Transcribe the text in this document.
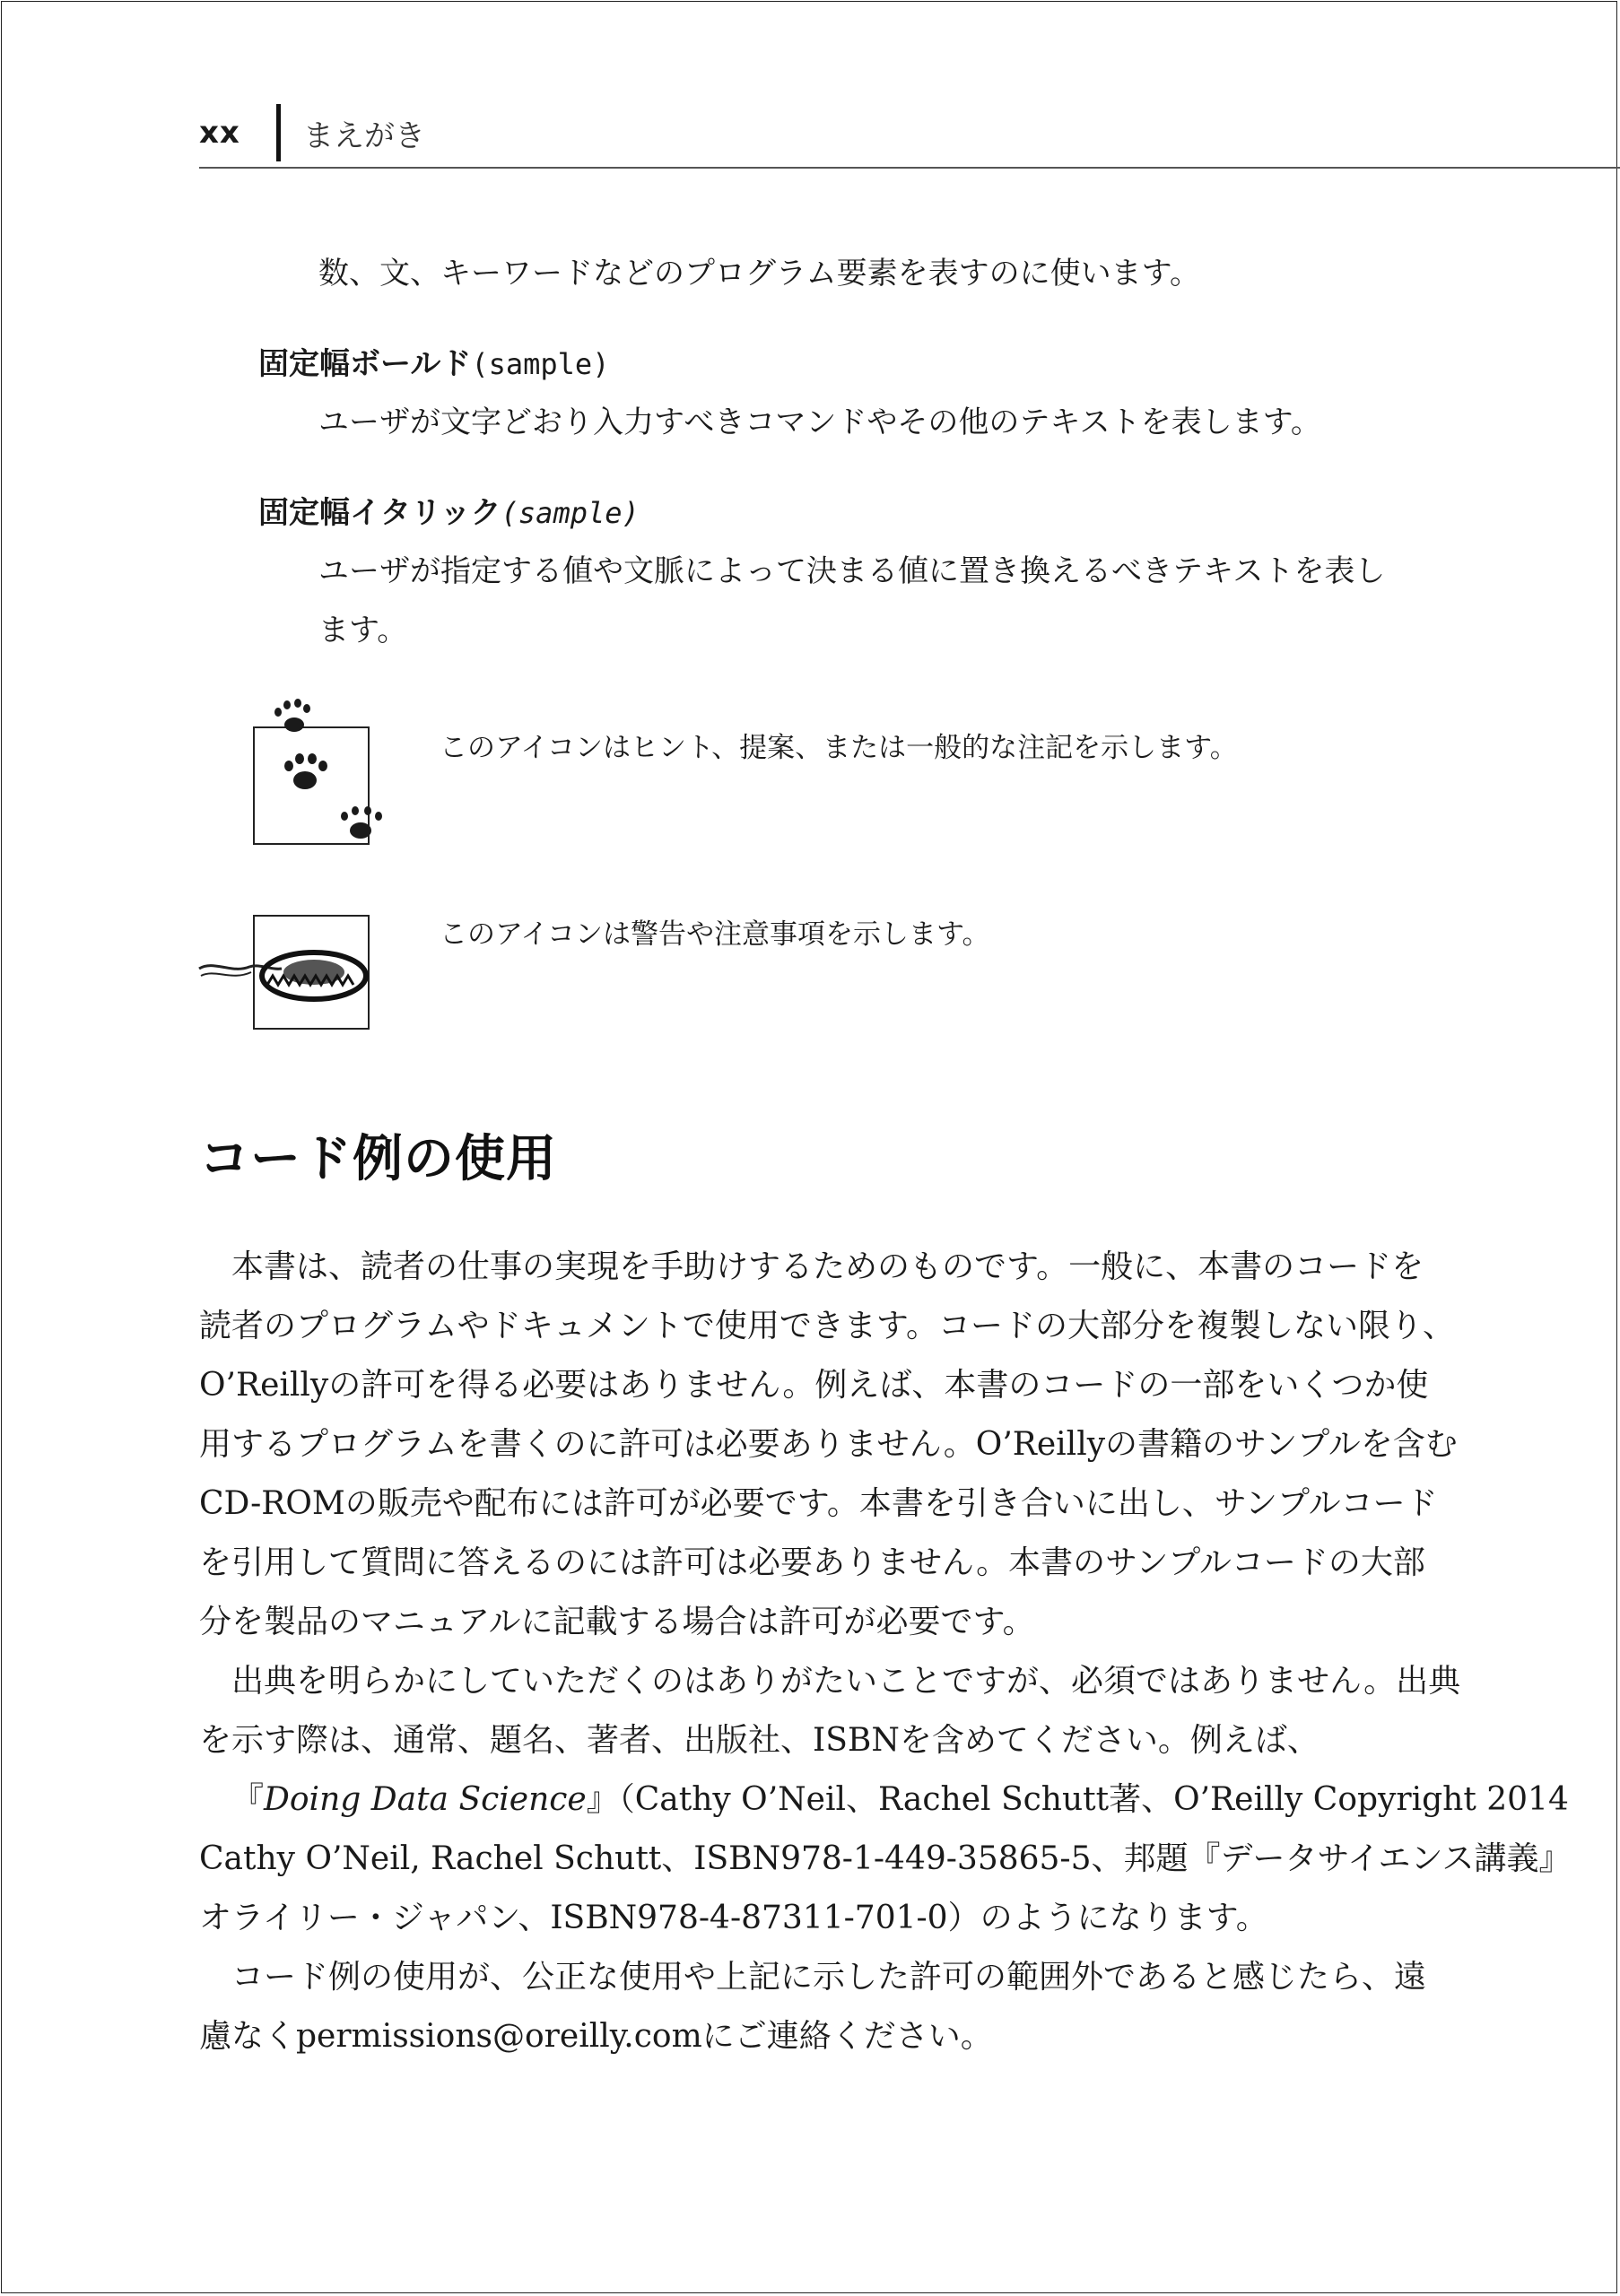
xx まえがき
数、文、キーワードなどのプログラム要素を表すのに使います。
固定幅ボールド(sample)
ユーザが文字どおり入力すべきコマンドやその他のテキストを表します。
固定幅イタリック(sample)
ユーザが指定する値や文脈によって決まる値に置き換えるべきテキストを表し
ます。
このアイコンはヒント、提案、または一般的な注記を示します。
このアイコンは警告や注意事項を示します。
コード例の使用
本書は、読者の仕事の実現を手助けするためのものです。一般に、本書のコードを
読者のプログラムやドキュメントで使用できます。コードの大部分を複製しない限り、
O’Reillyの許可を得る必要はありません。例えば、本書のコードの一部をいくつか使
用するプログラムを書くのに許可は必要ありません。O’Reillyの書籍のサンプルを含む
CD-ROMの販売や配布には許可が必要です。本書を引き合いに出し、サンプルコード
を引用して質問に答えるのには許可は必要ありません。本書のサンプルコードの大部
分を製品のマニュアルに記載する場合は許可が必要です。
出典を明らかにしていただくのはありがたいことですが、必須ではありません。出典
を示す際は、通常、題名、著者、出版社、ISBNを含めてください。例えば、
『Doing Data Science』（Cathy O’Neil、Rachel Schutt著、O’Reilly Copyright 2014
Cathy O’Neil, Rachel Schutt、ISBN978-1-449-35865-5、邦題『データサイエンス講義』
オライリー・ジャパン、ISBN978-4-87311-701-0）のようになります。
コード例の使用が、公正な使用や上記に示した許可の範囲外であると感じたら、遠
慮なくpermissions@oreilly.comにご連絡ください。
